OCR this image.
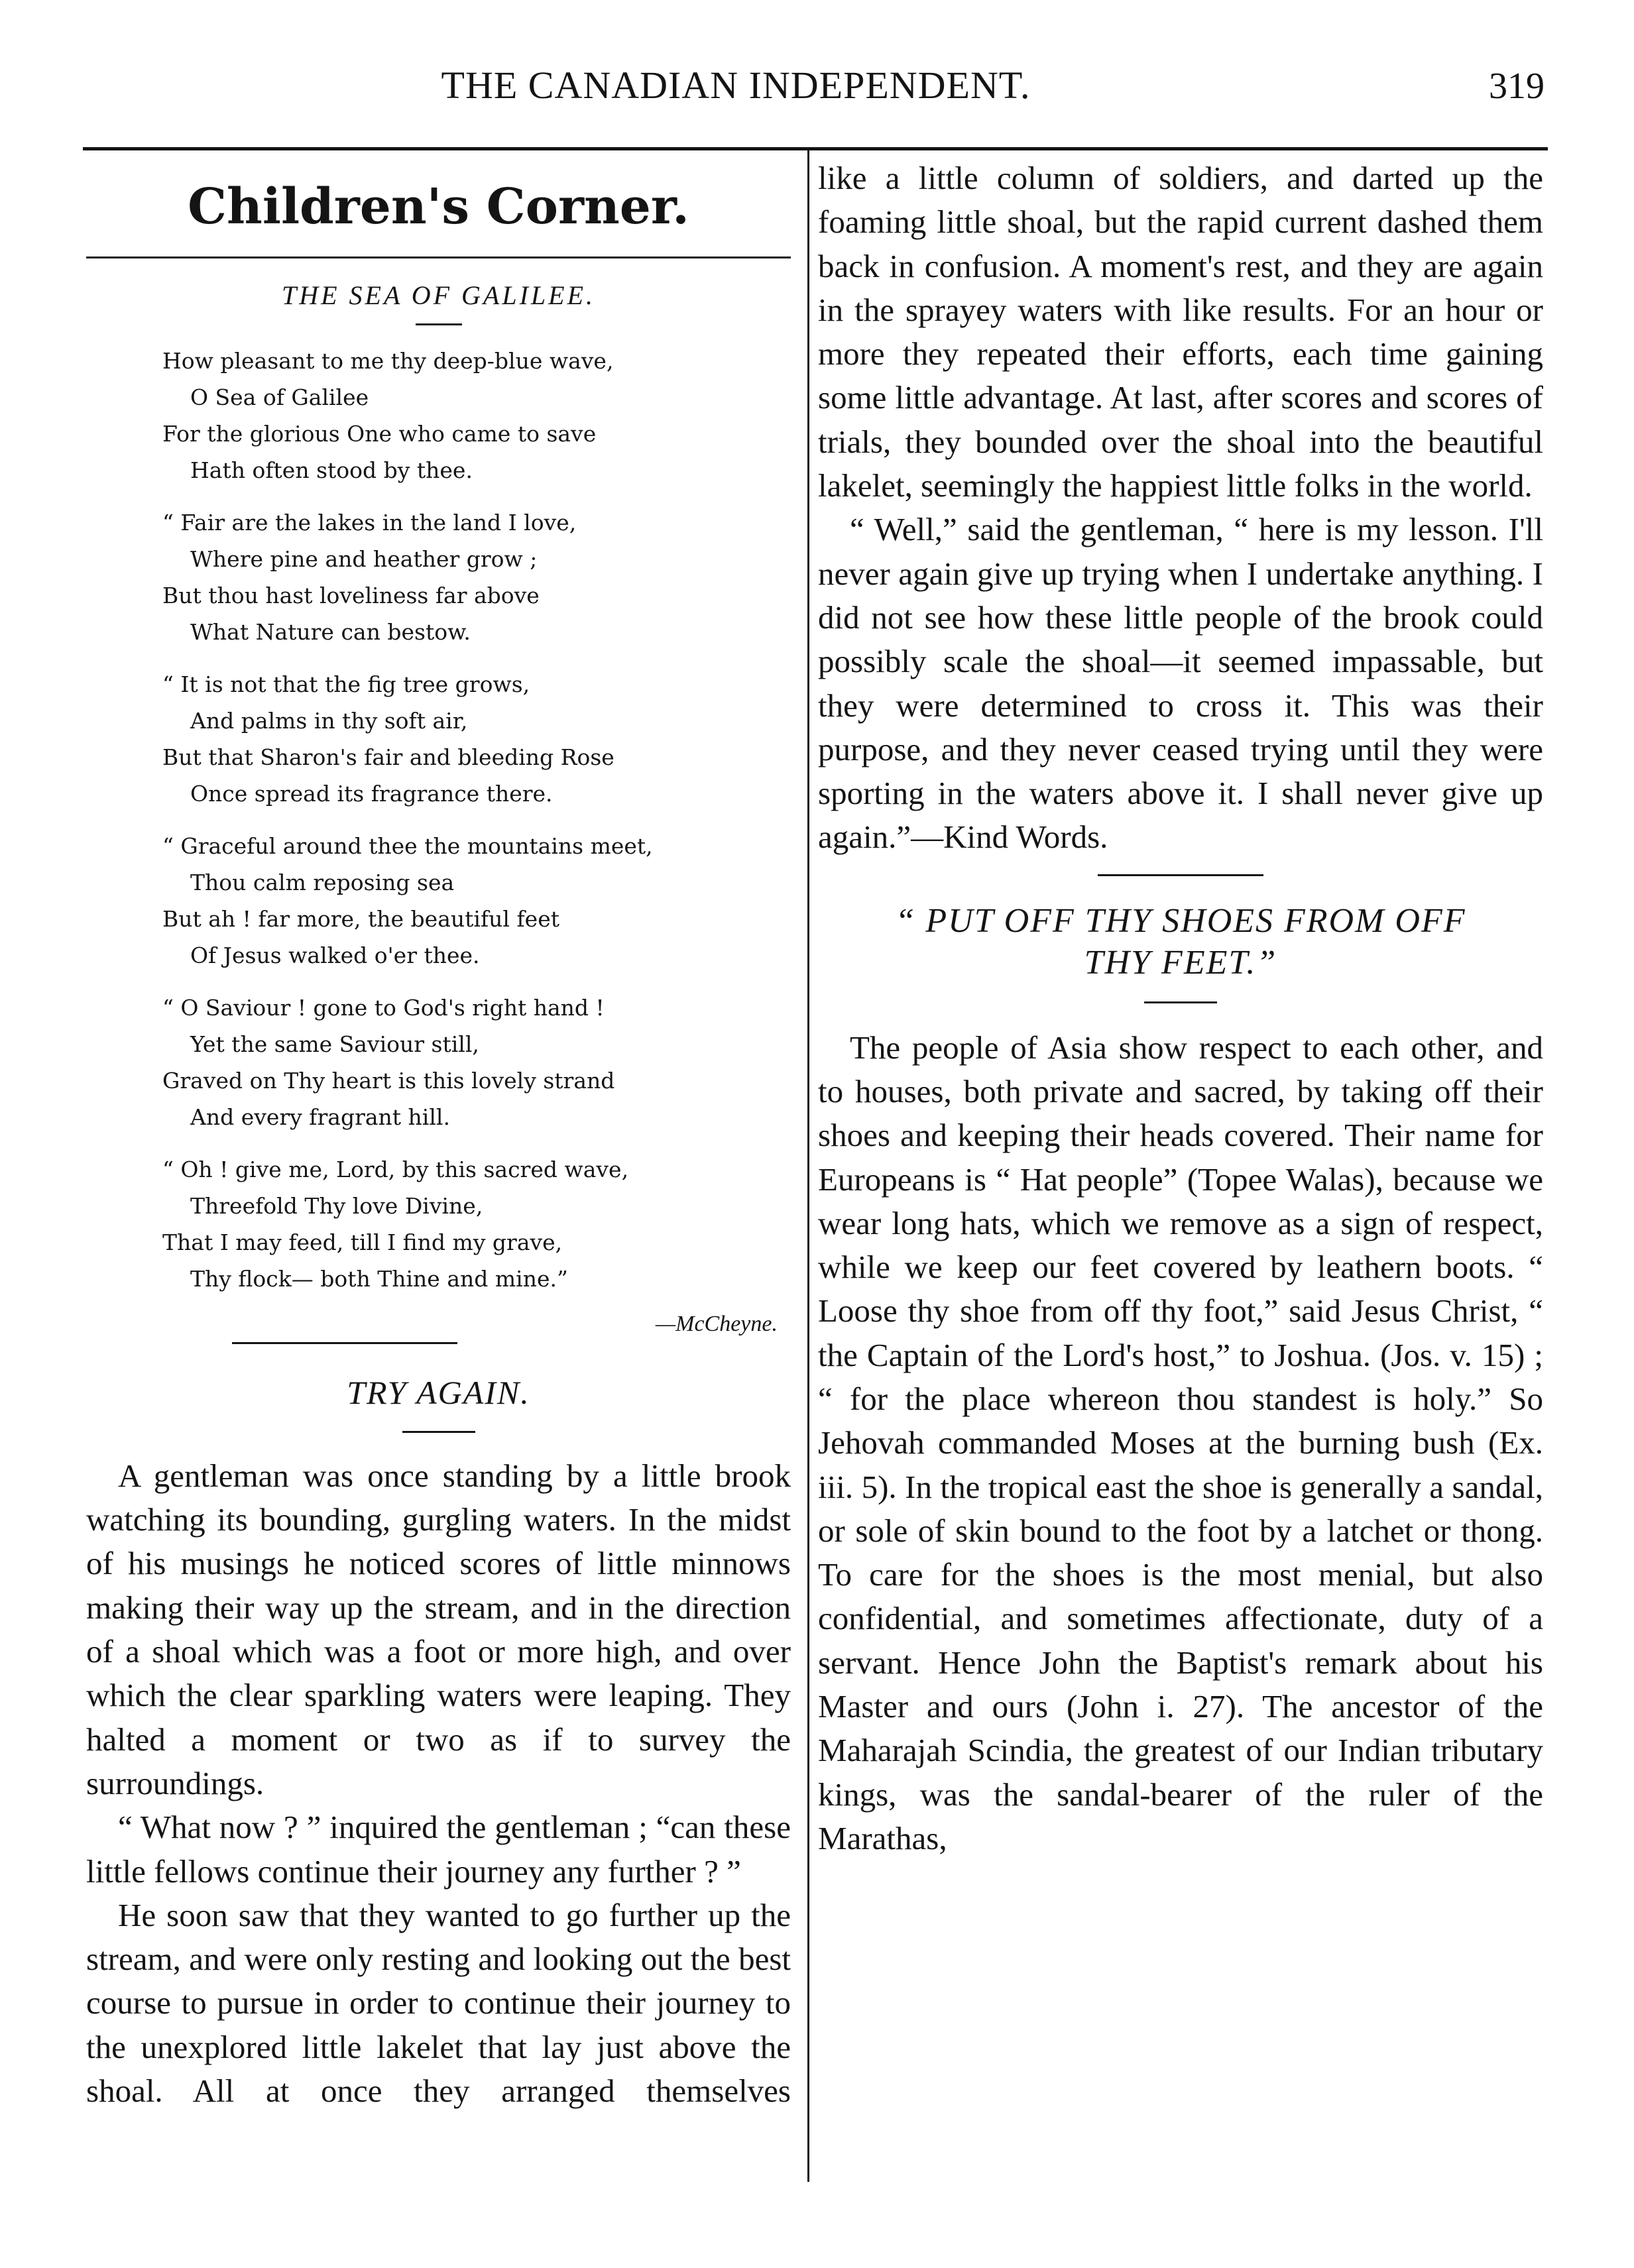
THE CANADIAN INDEPENDENT.	319
Children's Corner.
THE SEA OF GALILEE.
How pleasant to me thy deep-blue wave,
O Sea of Galilee
For the glorious One who came to save
Hath often stood by thee.
“ Fair are the lakes in the land I love,
Where pine and heather grow ;
But thou hast loveliness far above
What Nature can bestow.
“ It is not that the fig tree grows,
And palms in thy soft air,
But that Sharon's fair and bleeding Rose
Once spread its fragrance there.
“ Graceful around thee the mountains meet,
Thou calm reposing sea
But ah ! far more, the beautiful feet
Of Jesus walked o'er thee.
“ O Saviour ! gone to God's right hand !
Yet the same Saviour still,
Graved on Thy heart is this lovely strand
And every fragrant hill.
“ Oh ! give me, Lord, by this sacred wave,
Threefold Thy love Divine,
That I may feed, till I find my grave,
Thy flock— both Thine and mine.”
—McCheyne.
TRY AGAIN.

A gentleman was once standing by a little brook watching its bounding, gurgling waters. In the midst of his musings he noticed scores of little minnows making their way up the stream, and in the direction of a shoal which was a foot or more high, and over which the clear sparkling waters were leaping. They halted a moment or two as if to survey the surroundings.

“ What now ? ” inquired the gentleman ; “can these little fellows continue their journey any further ? ”

He soon saw that they wanted to go further up the stream, and were only resting and looking out the best course to pursue in order to continue their journey to the unexplored little lakelet that lay just above the shoal. All at once they arranged themselves

like a little column of soldiers, and darted up the foaming little shoal, but the rapid current dashed them back in confusion. A moment's rest, and they are again in the sprayey waters with like results. For an hour or more they repeated their efforts, each time gaining some little advantage. At last, after scores and scores of trials, they bounded over the shoal into the beautiful lakelet, seemingly the happiest little folks in the world.

“ Well,” said the gentleman, “ here is my lesson. I'll never again give up trying when I undertake anything. I did not see how these little people of the brook could possibly scale the shoal—it seemed impassable, but they were determined to cross it. This was their purpose, and they never ceased trying until they were sporting in the waters above it. I shall never give up again.”—Kind Words.

“ PUT OFF THY SHOES FROM OFF
THY FEET.”

The people of Asia show respect to each other, and to houses, both private and sacred, by taking off their shoes and keeping their heads covered. Their name for Europeans is “ Hat people” (Topee Walas), because we wear long hats, which we remove as a sign of respect, while we keep our feet covered by leathern boots. “ Loose thy shoe from off thy foot,” said Jesus Christ, “ the Captain of the Lord's host,” to Joshua. (Jos. v. 15) ; “ for the place whereon thou standest is holy.” So Jehovah commanded Moses at the burning bush (Ex. iii. 5). In the tropical east the shoe is generally a sandal, or sole of skin bound to the foot by a latchet or thong. To care for the shoes is the most menial, but also confidential, and sometimes affectionate, duty of a servant. Hence John the Baptist's remark about his Master and ours (John i. 27). The ancestor of the Maharajah Scindia, the greatest of our Indian tributary kings, was the sandal-bearer of the ruler of the Marathas,
